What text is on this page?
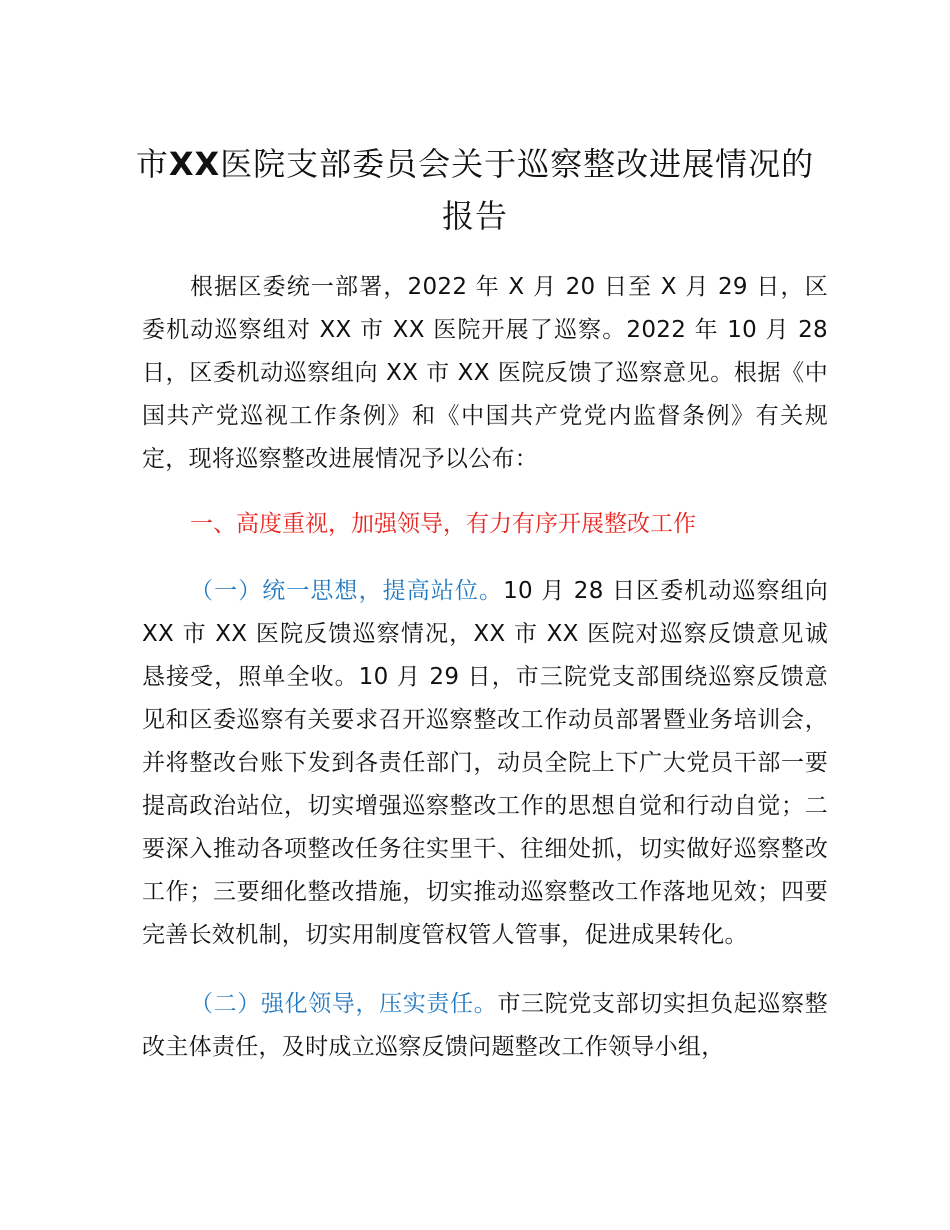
市XX医院支部委员会关于巡察整改进展情况的报告

根据区委统一部署，2022 年 X 月 20 日至 X 月 29 日，区委机动巡察组对 XX 市 XX 医院开展了巡察。2022 年 10 月 28 日，区委机动巡察组向 XX 市 XX 医院反馈了巡察意见。根据《中国共产党巡视工作条例》和《中国共产党党内监督条例》有关规定，现将巡察整改进展情况予以公布：

一、高度重视，加强领导，有力有序开展整改工作

（一）统一思想，提高站位。10 月 28 日区委机动巡察组向 XX 市 XX 医院反馈巡察情况，XX 市 XX 医院对巡察反馈意见诚恳接受，照单全收。10 月 29 日，市三院党支部围绕巡察反馈意见和区委巡察有关要求召开巡察整改工作动员部署暨业务培训会，并将整改台账下发到各责任部门，动员全院上下广大党员干部一要提高政治站位，切实增强巡察整改工作的思想自觉和行动自觉；二要深入推动各项整改任务往实里干、往细处抓，切实做好巡察整改工作；三要细化整改措施，切实推动巡察整改工作落地见效；四要完善长效机制，切实用制度管权管人管事，促进成果转化。

（二）强化领导，压实责任。市三院党支部切实担负起巡察整改主体责任，及时成立巡察反馈问题整改工作领导小组，
